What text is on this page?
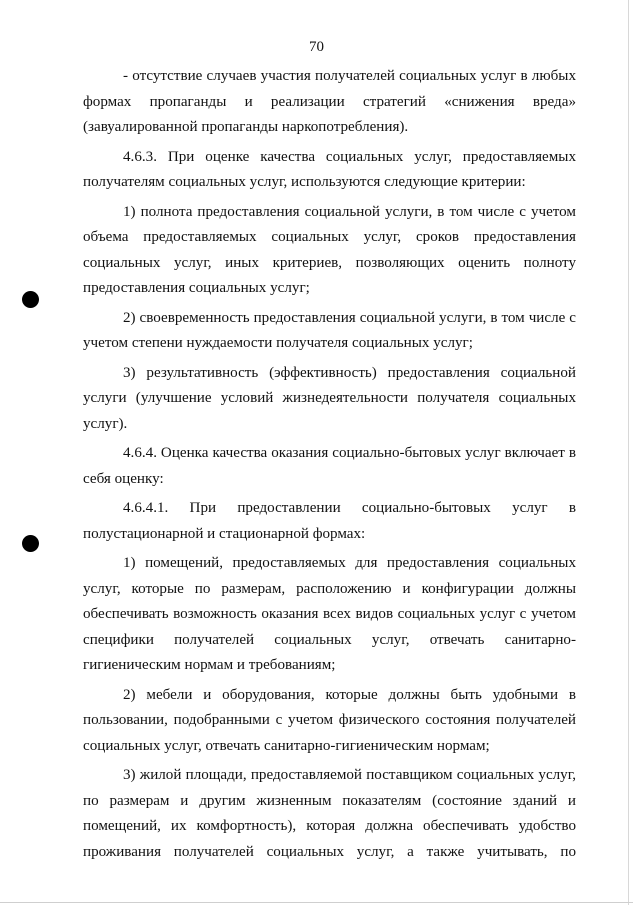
70
- отсутствие случаев участия получателей социальных услуг в любых
формах пропаганды и реализации стратегий «снижения вреда»
(завуалированной пропаганды наркопотребления).
4.6.3. При оценке качества социальных услуг, предоставляемых
получателям социальных услуг, используются следующие критерии:
1) полнота предоставления социальной услуги, в том числе с учетом
объема предоставляемых социальных услуг, сроков предоставления
социальных услуг, иных критериев, позволяющих оценить полноту
предоставления социальных услуг;
2) своевременность предоставления социальной услуги, в том числе с
учетом степени нуждаемости получателя социальных услуг;
3) результативность (эффективность) предоставления социальной
услуги (улучшение условий жизнедеятельности получателя социальных
услуг).
4.6.4. Оценка качества оказания социально-бытовых услуг включает в
себя оценку:
4.6.4.1. При предоставлении социально-бытовых услуг в
полустационарной и стационарной формах:
1) помещений, предоставляемых для предоставления социальных
услуг, которые по размерам, расположению и конфигурации должны
обеспечивать возможность оказания всех видов социальных услуг с учетом
специфики получателей социальных услуг, отвечать санитарно-
гигиеническим нормам и требованиям;
2) мебели и оборудования, которые должны быть удобными в
пользовании, подобранными с учетом физического состояния получателей
социальных услуг, отвечать санитарно-гигиеническим нормам;
3) жилой площади, предоставляемой поставщиком социальных услуг,
по размерам и другим жизненным показателям (состояние зданий и
помещений, их комфортность), которая должна обеспечивать удобство
проживания получателей социальных услуг, а также учитывать, по
